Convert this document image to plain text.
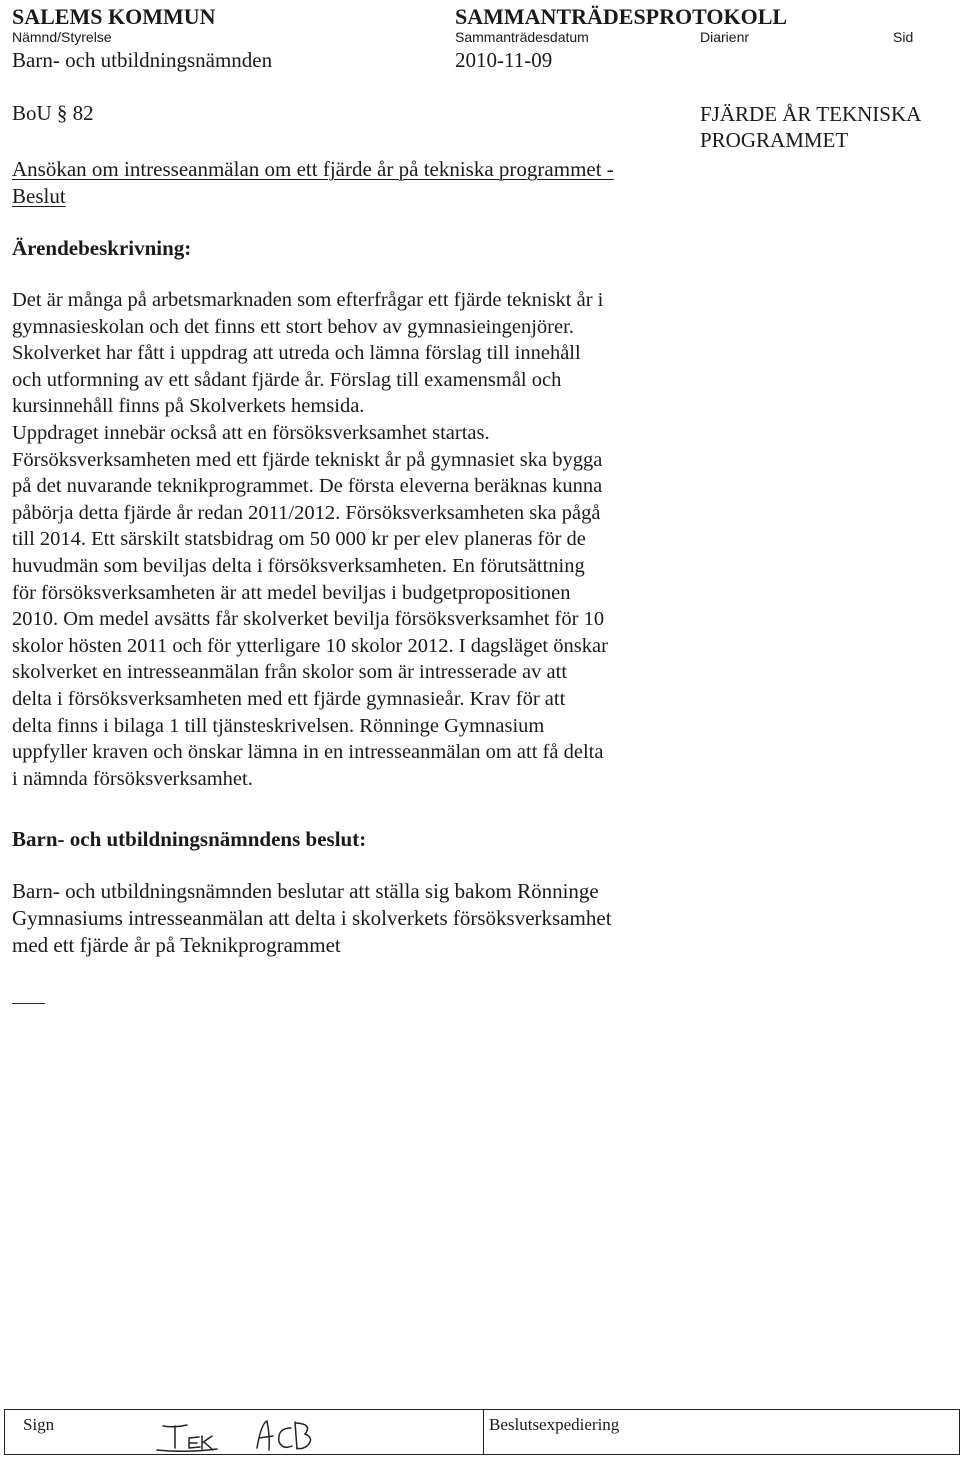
SALEMS KOMMUN	SAMMANTRÄDESPROTOKOLL
Nämnd/Styrelse	Sammanträdesdatum	Diarienr	Sid
Barn- och utbildningsnämnden	2010-11-09
BoU § 82	FJÄRDE ÅR TEKNISKA
PROGRAMMET
Ansökan om intresseanmälan om ett fjärde år på tekniska programmet -
Beslut
Ärendebeskrivning:
Det är många på arbetsmarknaden som efterfrågar ett fjärde tekniskt år i
gymnasieskolan och det finns ett stort behov av gymnasieingenjörer.
Skolverket har fått i uppdrag att utreda och lämna förslag till innehåll
och utformning av ett sådant fjärde år. Förslag till examensmål och
kursinnehåll finns på Skolverkets hemsida.
Uppdraget innebär också att en försöksverksamhet startas.
Försöksverksamheten med ett fjärde tekniskt år på gymnasiet ska bygga
på det nuvarande teknikprogrammet. De första eleverna beräknas kunna
påbörja detta fjärde år redan 2011/2012. Försöksverksamheten ska pågå
till 2014. Ett särskilt statsbidrag om 50 000 kr per elev planeras för de
huvudmän som beviljas delta i försöksverksamheten. En förutsättning
för försöksverksamheten är att medel beviljas i budgetpropositionen
2010. Om medel avsätts får skolverket bevilja försöksverksamhet för 10
skolor hösten 2011 och för ytterligare 10 skolor 2012. I dagsläget önskar
skolverket en intresseanmälan från skolor som är intresserade av att
delta i försöksverksamheten med ett fjärde gymnasieår. Krav för att
delta finns i bilaga 1 till tjänsteskrivelsen. Rönninge Gymnasium
uppfyller kraven och önskar lämna in en intresseanmälan om att få delta
i nämnda försöksverksamhet.
Barn- och utbildningsnämndens beslut:
Barn- och utbildningsnämnden beslutar att ställa sig bakom Rönninge
Gymnasiums intresseanmälan att delta i skolverkets försöksverksamhet
med ett fjärde år på Teknikprogrammet
Sign	Beslutsexpediering
